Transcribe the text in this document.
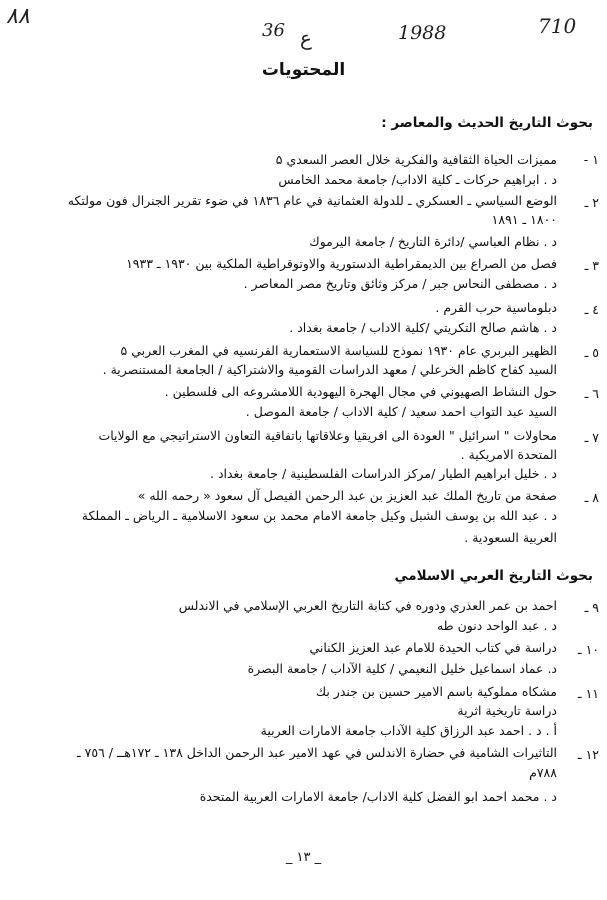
٨٨
36 ع	1988	710
المحتويات
بحوث التاريخ الحديث والمعاصر :
بحوث التاريخ العربي الاسلامي
١ -
مميزات الحياة الثقافية والفكرية خلال العصر السعدي ۵
د . ابراهيم حركات ـ كلية الاداب/ جامعة محمد الخامس
٢ ـ
الوضع السياسي ـ العسكري ـ للدولة العثمانية في عام ١٨٣٦ في ضوء تقرير الجنرال فون مولتكه
١٨٠٠ ـ ١٨٩١
د . نظام العباسي /دائرة التاريخ / جامعة اليرموك
٣ ـ
فصل من الصراع بين الديمقراطية الدستورية والاوتوقراطية الملكية بين ١٩٣٠ ـ ١٩٣٣
د . مصطفى النحاس جبر / مركز وثائق وتاريخ مصر المعاصر .
٤ ـ
دبلوماسية حرب القرم .
د . هاشم صالح التكريتي /كلية الاداب / جامعة بغداد .
٥ ـ
الظهير البربري عام ١٩٣٠ نموذج للسياسة الاستعمارية الفرنسيه في المغرب العربي ۵
السيد كفاح كاظم الخرعلي / معهد الدراسات القومية والاشتراكية / الجامعة المستنصرية .
٦ ـ
حول النشاط الصهيوني في مجال الهجرة اليهودية اللامشروعه الى فلسطين .
السيد عبد التواب احمد سعيد / كلية الاداب / جامعة الموصل .
٧ ـ
محاولات " اسرائيل " العودة الى افريقيا وعلاقاتها باتفاقية التعاون الاستراتيجي مع الولايات
المتحدة الامريكية .
د . خليل ابراهيم الطيار /مركز الدراسات الفلسطينية / جامعة بغداد .
٨ ـ
صفحة من تاريخ الملك عبد العزيز بن عبد الرحمن الفيصل آل سعود « رحمه الله »
د . عبد الله بن يوسف الشبل وكيل جامعة الامام محمد بن سعود الاسلامية ـ الرياض ـ المملكة
العربية السعودية .
٩ ـ
احمد بن عمر العذري ودوره في كتابة التاريخ العربي الإسلامي في الاندلس
د . عبد الواحد دنون طه
١٠ ـ
دراسة في كتاب الحيدة للامام عبد العزيز الكناني
د. عماد اسماعيل خليل النعيمي / كلية الآداب / جامعة البصرة
١١ ـ
مشكاه مملوكية باسم الامير حسين بن جندر بك
دراسة تاريخية اثرية
أ . د . احمد عبد الرزاق كلية الآداب جامعة الامارات العربية
١٢ ـ
التاثيرات الشامية في حضارة الاندلس في عهد الامير عبد الرحمن الداخل ١٣٨ ـ ١٧٢هــ / ٧٥٦ ـ
٧٨٨م
د . محمد احمد ابو الفضل كلية الاداب/ جامعة الامارات العربية المتحدة
_ ١٣ _
